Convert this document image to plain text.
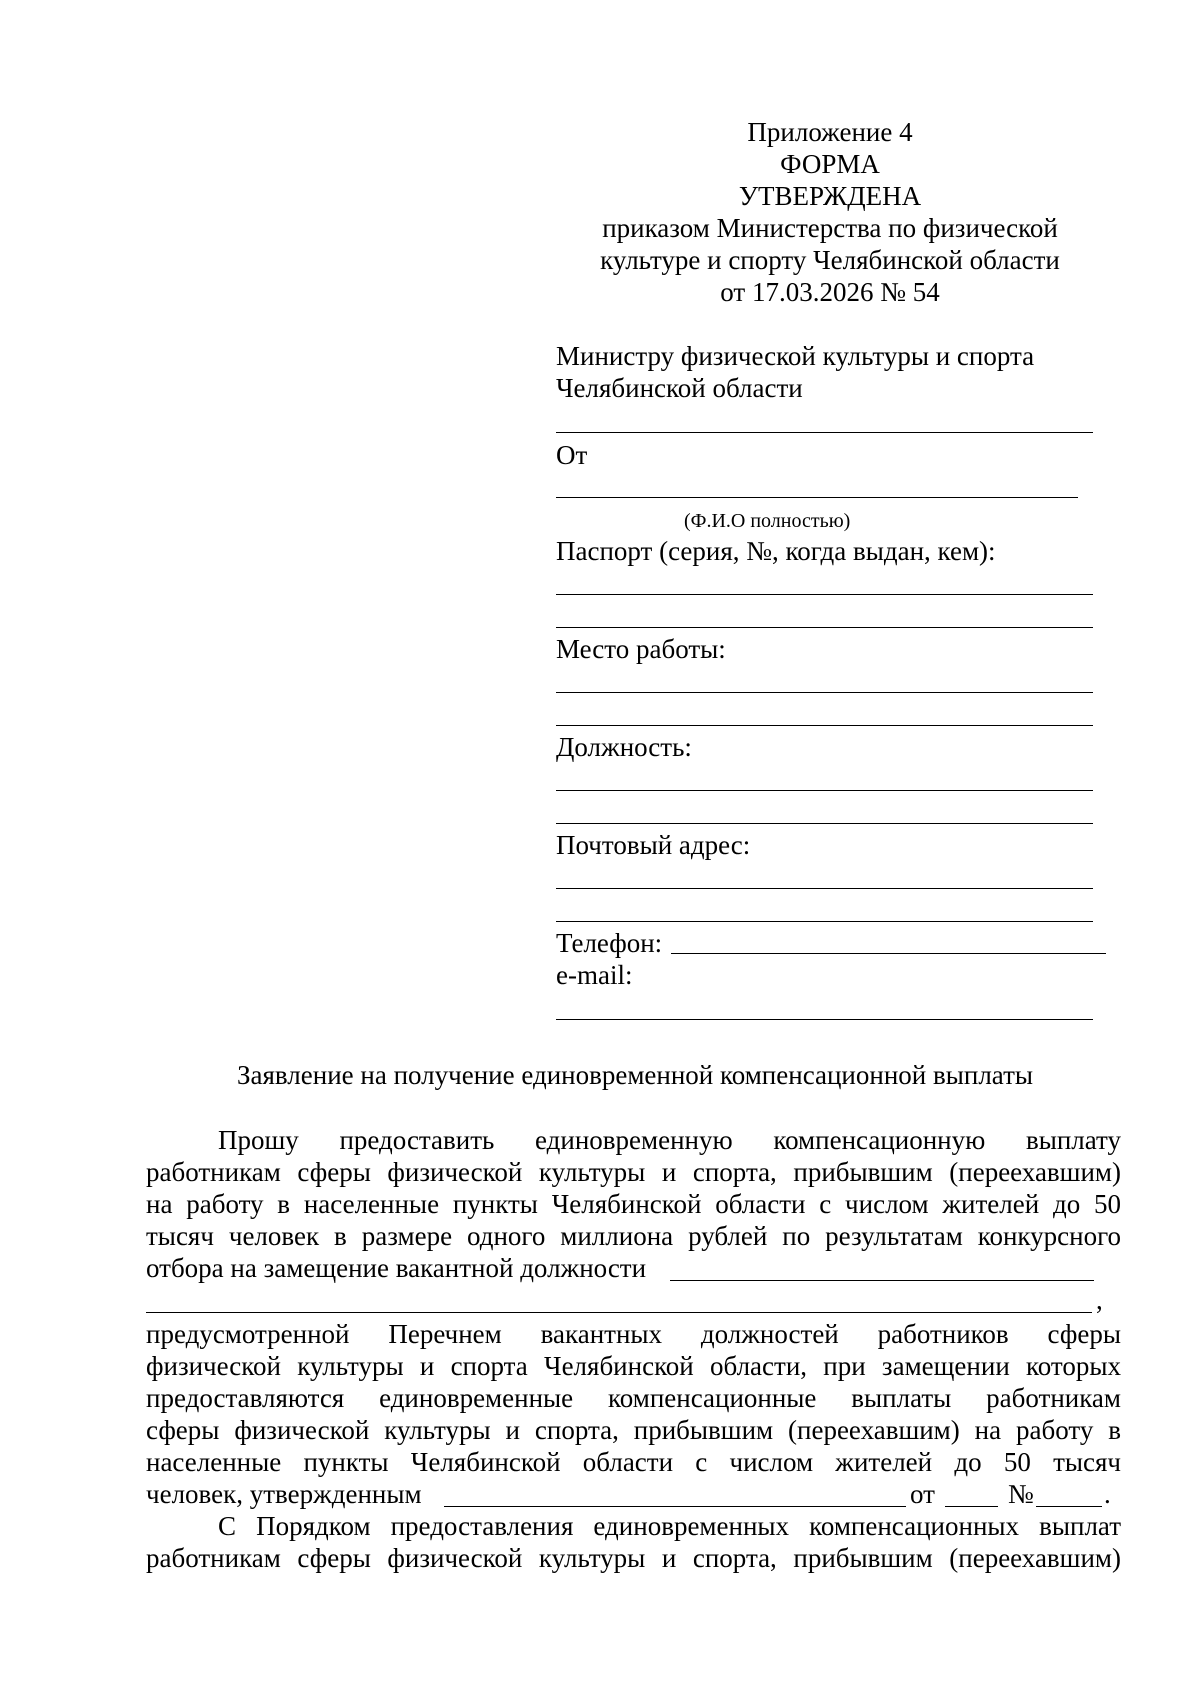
Приложение 4
ФОРМА
УТВЕРЖДЕНА
приказом Министерства по физической
культуре и спорту Челябинской области
от 17.03.2026 № 54
Министру физической культуры и спорта
Челябинской области
От
(Ф.И.О полностью)
Паспорт (серия, №, когда выдан, кем):
Место работы:
Должность:
Почтовый адрес:
Телефон:
e-mail:
Заявление на получение единовременной компенсационной выплаты
Прошу предоставить единовременную компенсационную выплату
работникам сферы физической культуры и спорта, прибывшим (переехавшим)
на работу в населенные пункты Челябинской области с числом жителей до 50
тысяч человек в размере одного миллиона рублей по результатам конкурсного
отбора на замещение вакантной должности
,
предусмотренной Перечнем вакантных должностей работников сферы
физической культуры и спорта Челябинской области, при замещении которых
предоставляются единовременные компенсационные выплаты работникам
сферы физической культуры и спорта, прибывшим (переехавшим) на работу в
населенные пункты Челябинской области с числом жителей до 50 тысяч
человек, утвержденным	от	№	.
С Порядком предоставления единовременных компенсационных выплат
работникам сферы физической культуры и спорта, прибывшим (переехавшим)
